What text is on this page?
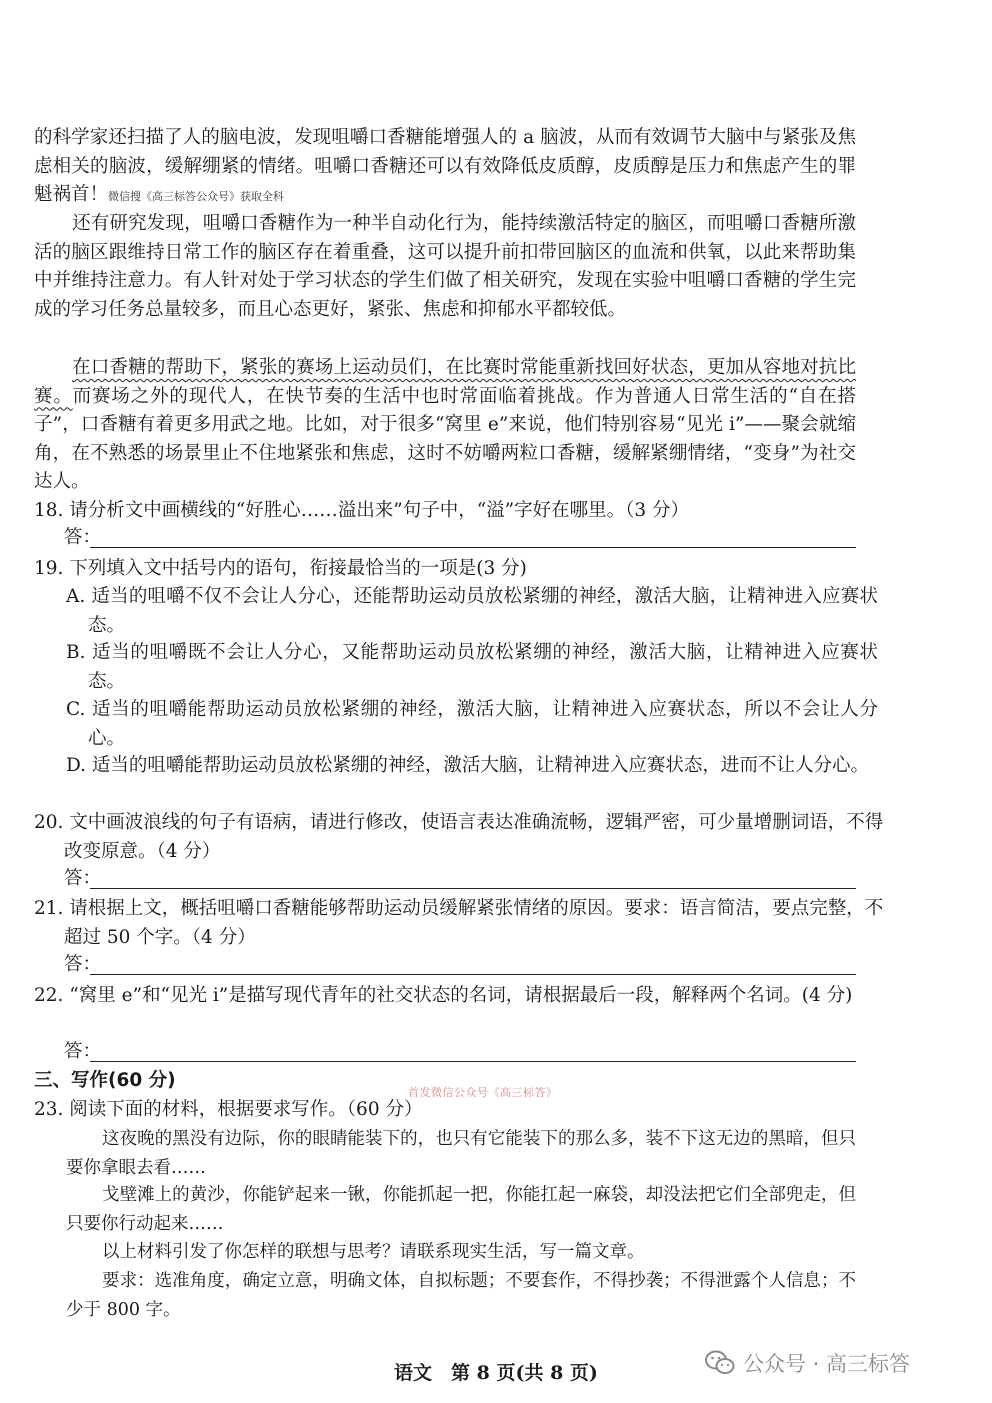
的科学家还扫描了人的脑电波，发现咀嚼口香糖能增强人的 a 脑波，从而有效调节大脑中与紧张及焦虑相关的脑波，缓解绷紧的情绪。咀嚼口香糖还可以有效降低皮质醇，皮质醇是压力和焦虑产生的罪魁祸首！微信搜《高三标答公众号》获取全科

还有研究发现，咀嚼口香糖作为一种半自动化行为，能持续激活特定的脑区，而咀嚼口香糖所激活的脑区跟维持日常工作的脑区存在着重叠，这可以提升前扣带回脑区的血流和供氧，以此来帮助集中并维持注意力。有人针对处于学习状态的学生们做了相关研究，发现在实验中咀嚼口香糖的学生完成的学习任务总量较多，而且心态更好，紧张、焦虑和抑郁水平都较低。

在口香糖的帮助下，紧张的赛场上运动员们，在比赛时常能重新找回好状态，更加从容地对抗比赛。而赛场之外的现代人，在快节奏的生活中也时常面临着挑战。作为普通人日常生活的“自在搭子”，口香糖有着更多用武之地。比如，对于很多“窝里 e”来说，他们特别容易“见光 i”——聚会就缩角，在不熟悉的场景里止不住地紧张和焦虑，这时不妨嚼两粒口香糖，缓解紧绷情绪，“变身”为社交达人。

18. 请分析文中画横线的“好胜心……溢出来”句子中，“溢”字好在哪里。（3 分）

答：

19. 下列填入文中括号内的语句，衔接最恰当的一项是(3 分)

A. 适当的咀嚼不仅不会让人分心，还能帮助运动员放松紧绷的神经，激活大脑，让精神进入应赛状态。

B. 适当的咀嚼既不会让人分心，又能帮助运动员放松紧绷的神经，激活大脑，让精神进入应赛状态。

C. 适当的咀嚼能帮助运动员放松紧绷的神经，激活大脑，让精神进入应赛状态，所以不会让人分心。

D. 适当的咀嚼能帮助运动员放松紧绷的神经，激活大脑，让精神进入应赛状态，进而不让人分心。

20. 文中画波浪线的句子有语病，请进行修改，使语言表达准确流畅，逻辑严密，可少量增删词语，不得改变原意。（4 分）

答：

21. 请根据上文，概括咀嚼口香糖能够帮助运动员缓解紧张情绪的原因。要求：语言简洁，要点完整，不超过 50 个字。（4 分）

答：

22. “窝里 e”和“见光 i”是描写现代青年的社交状态的名词，请根据最后一段，解释两个名词。(4 分)

答：
三、写作(60 分)
首发微信公众号《高三标答》

23. 阅读下面的材料，根据要求写作。（60 分）

这夜晚的黑没有边际，你的眼睛能装下的，也只有它能装下的那么多，装不下这无边的黑暗，但只要你拿眼去看……

戈壁滩上的黄沙，你能铲起来一锹，你能抓起一把，你能扛起一麻袋，却没法把它们全部兜走，但只要你行动起来……

以上材料引发了你怎样的联想与思考？请联系现实生活，写一篇文章。

要求：选准角度，确定立意，明确文体，自拟标题；不要套作，不得抄袭；不得泄露个人信息；不少于 800 字。

语文　第 8 页(共 8 页)	公众号 · 高三标答
